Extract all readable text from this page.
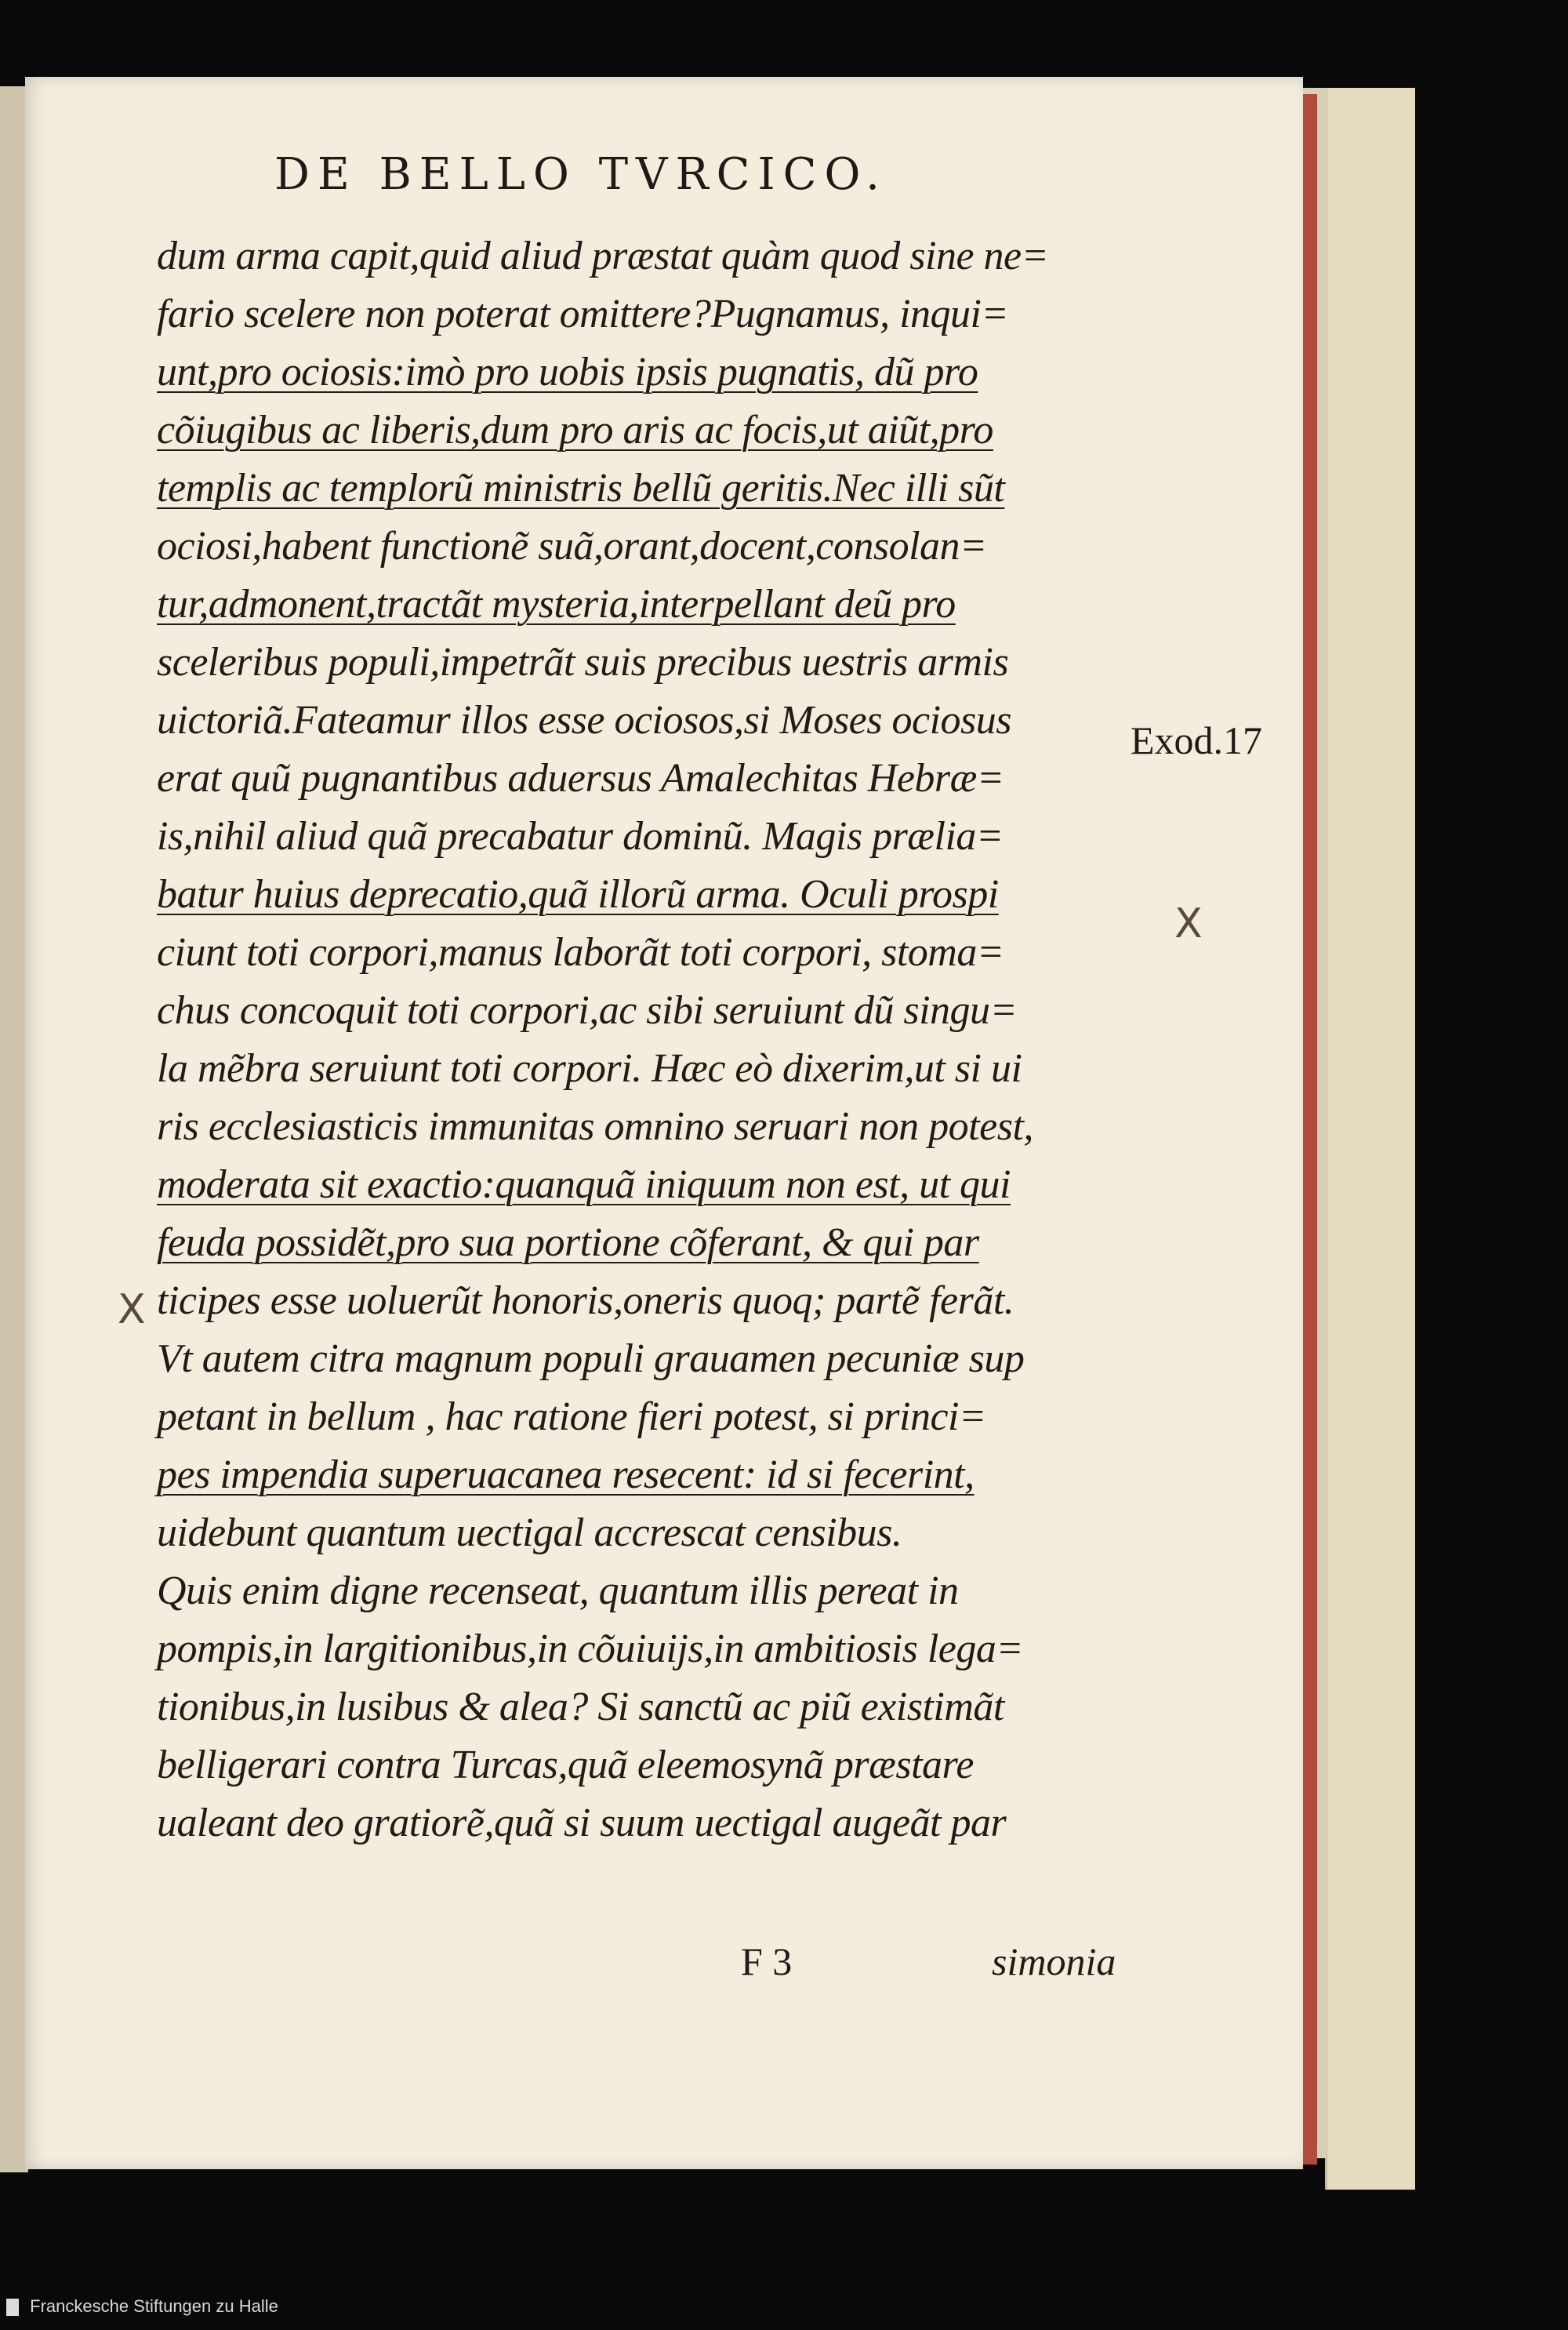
DE BELLO TVRCICO.
dum arma capit,quid aliud præstat quàm quod sine ne=
fario scelere non poterat omittere?Pugnamus, inqui=
unt,pro ociosis:imò pro uobis ipsis pugnatis, dũ pro
cõiugibus ac liberis,dum pro aris ac focis,ut aiũt,pro
templis ac templorũ ministris bellũ geritis.Nec illi sũt
ociosi,habent functionẽ suã,orant,docent,consolan=
tur,admonent,tractãt mysteria,interpellant deũ pro
sceleribus populi,impetrãt suis precibus uestris armis
uictoriã.Fateamur illos esse ociosos,si Moses ociosus
erat quũ pugnantibus aduersus Amalechitas Hebræ=
is,nihil aliud quã precabatur dominũ. Magis prælia=
batur huius deprecatio,quã illorũ arma. Oculi prospi
ciunt toti corpori,manus laborãt toti corpori, stoma=
chus concoquit toti corpori,ac sibi seruiunt dũ singu=
la mẽbra seruiunt toti corpori. Hæc eò dixerim,ut si ui
ris ecclesiasticis immunitas omnino seruari non potest,
moderata sit exactio:quanquã iniquum non est, ut qui
feuda possidẽt,pro sua portione cõferant, & qui par
ticipes esse uoluerũt honoris,oneris quoq; partẽ ferãt.
Vt autem citra magnum populi grauamen pecuniæ sup
petant in bellum , hac ratione fieri potest, si princi=
pes impendia superuacanea resecent: id si fecerint,
uidebunt quantum uectigal accrescat censibus.
Quis enim digne recenseat, quantum illis pereat in
pompis,in largitionibus,in cõuiuijs,in ambitiosis lega=
tionibus,in lusibus & alea? Si sanctũ ac piũ existimãt
belligerari contra Turcas,quã eleemosynã præstare
ualeant deo gratiorẽ,quã si suum uectigal augeãt par
Exod.17
X
X
F 3	simonia
Franckesche Stiftungen zu Halle
